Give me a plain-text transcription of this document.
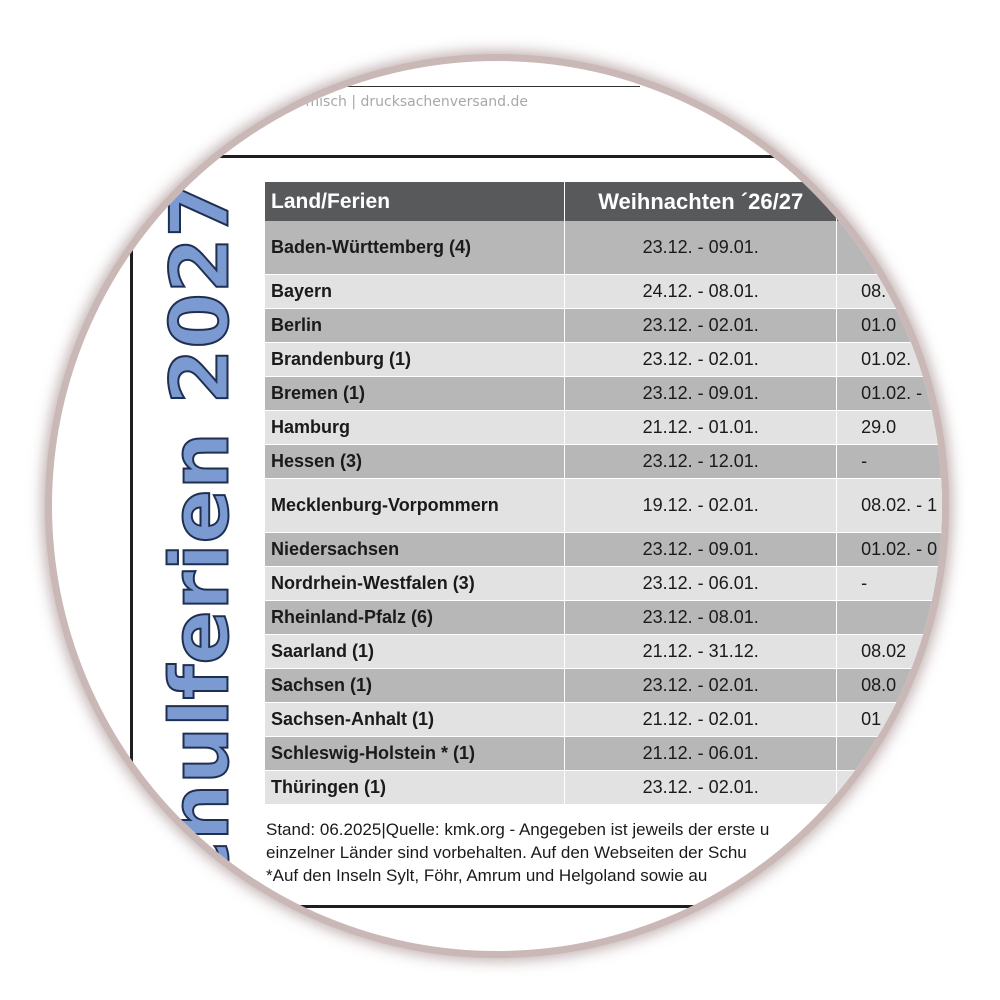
rmisch | drucksachenversand.de
chulferien 2027 Land/Ferien	Weihnachten ´26/27	
Baden-Württemberg (4)	23.12. - 09.01.	
Bayern	24.12. - 08.01.	08.
Berlin	23.12. - 02.01.	01.0
Brandenburg (1)	23.12. - 02.01.	01.02.
Bremen (1)	23.12. - 09.01.	01.02. -
Hamburg	21.12. - 01.01.	29.0
Hessen (3)	23.12. - 12.01.	-
Mecklenburg-Vorpommern	19.12. - 02.01.	08.02. - 1
Niedersachsen	23.12. - 09.01.	01.02. - 0
Nordrhein-Westfalen (3)	23.12. - 06.01.	-
Rheinland-Pfalz (6)	23.12. - 08.01.	
Saarland (1)	21.12. - 31.12.	08.02
Sachsen (1)	23.12. - 02.01.	08.0
Sachsen-Anhalt (1)	21.12. - 02.01.	01
Schleswig-Holstein * (1)	21.12. - 06.01.	
Thüringen (1)	23.12. - 02.01.	
Stand: 06.2025|Quelle: kmk.org - Angegeben ist jeweils der erste u
einzelner Länder sind vorbehalten. Auf den Webseiten der Schu
*Auf den Inseln Sylt, Föhr, Amrum und Helgoland sowie au
